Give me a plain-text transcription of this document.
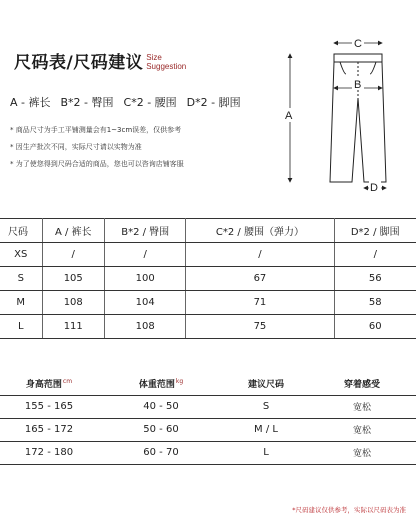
尺码表/尺码建议 Size
Suggestion
A - 裤长 B*2 - 臀围 C*2 - 腰围 D*2 - 脚围
* 商品尺寸为手工平铺测量会有1~3cm误差，仅供参考
* 因生产批次不同，实际尺寸请以实物为准
* 为了使您得到尺码合适的商品，您也可以咨询店铺客服
C
B
A
D
尺码	A / 裤长	B*2 / 臀围	C*2 / 腰围（弹力）	D*2 / 脚围
XS	/	/	/	/
S	105	100	67	56
M	108	104	71	58
L	111	108	75	60
身高范围$^{cm}$	体重范围$^{kg}$	建议尺码	穿着感受
155 - 165	40 - 50	S	宽松
165 - 172	50 - 60	M / L	宽松
172 - 180	60 - 70	L	宽松
*尺码建议仅供参考，实际以尺码表为准
